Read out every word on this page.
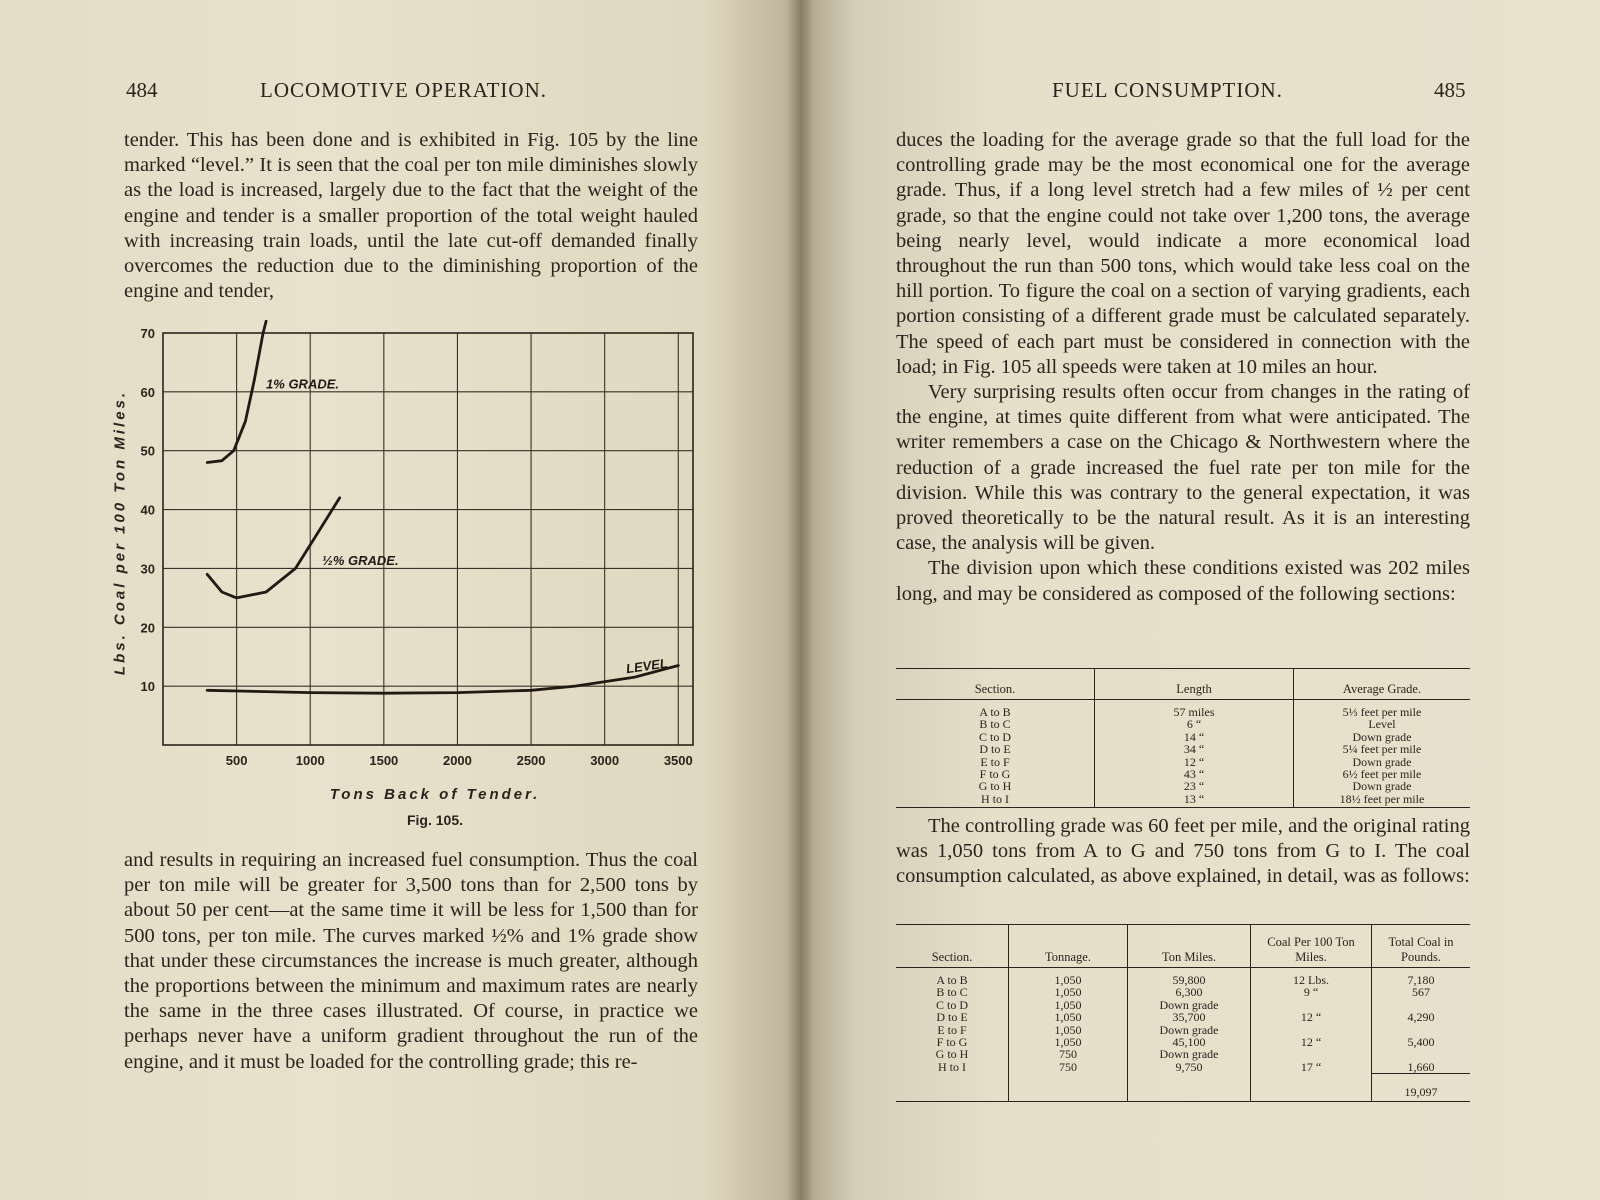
484	LOCOMOTIVE OPERATION.

tender. This has been done and is exhibited in Fig. 105 by the line marked “level.” It is seen that the coal per ton mile diminishes slowly as the load is increased, largely due to the fact that the weight of the engine and tender is a smaller proportion of the total weight hauled with increasing train loads, until the late cut-off demanded finally overcomes the reduction due to the diminishing proportion of the engine and tender,

Lbs. Coal per 100 Ton Miles.
500	1000	1500	2000	2500	3000	3500
10
20
30
40
50
60
70
1% GRADE.
½% GRADE.
LEVEL
Tons Back of Tender.
Fig. 105.

and results in requiring an increased fuel consumption. Thus the coal per ton mile will be greater for 3,500 tons than for 2,500 tons by about 50 per cent—at the same time it will be less for 1,500 than for 500 tons, per ton mile. The curves marked ½% and 1% grade show that under these circumstances the increase is much greater, although the proportions between the minimum and maximum rates are nearly the same in the three cases illustrated. Of course, in practice we perhaps never have a uniform gradient throughout the run of the engine, and it must be loaded for the controlling grade; this re-

FUEL CONSUMPTION.	485

duces the loading for the average grade so that the full load for the controlling grade may be the most economical one for the average grade. Thus, if a long level stretch had a few miles of ½ per cent grade, so that the engine could not take over 1,200 tons, the average being nearly level, would indicate a more economical load throughout the run than 500 tons, which would take less coal on the hill portion. To figure the coal on a section of varying gradients, each portion consisting of a different grade must be calculated separately. The speed of each part must be considered in connection with the load; in Fig. 105 all speeds were taken at 10 miles an hour.

Very surprising results often occur from changes in the rating of the engine, at times quite different from what were anticipated. The writer remembers a case on the Chicago & Northwestern where the reduction of a grade increased the fuel rate per ton mile for the division. While this was contrary to the general expectation, it was proved theoretically to be the natural result. As it is an interesting case, the analysis will be given.

The division upon which these conditions existed was 202 miles long, and may be considered as composed of the following sections:

Section.	Length	Average Grade.
A to B	57 miles	5⅓ feet per mile
B to C	6 “	Level
C to D	14 “	Down grade
D to E	34 “	5¼ feet per mile
E to F	12 “	Down grade
F to G	43 “	6½ feet per mile
G to H	23 “	Down grade
H to I	13 “	18½ feet per mile

The controlling grade was 60 feet per mile, and the original rating was 1,050 tons from A to G and 750 tons from G to I. The coal consumption calculated, as above explained, in detail, was as follows:

Section.	Tonnage.	Ton Miles.	Coal Per 100 Ton Miles.	Total Coal in Pounds.
A to B	1,050	59,800	12 Lbs.	7,180
B to C	1,050	6,300	9 “	567
C to D	1,050	Down grade		
D to E	1,050	35,700	12 “	4,290
E to F	1,050	Down grade		
F to G	1,050	45,100	12 “	5,400
G to H	750	Down grade		
H to I	750	9,750	17 “	1,660
				19,097
